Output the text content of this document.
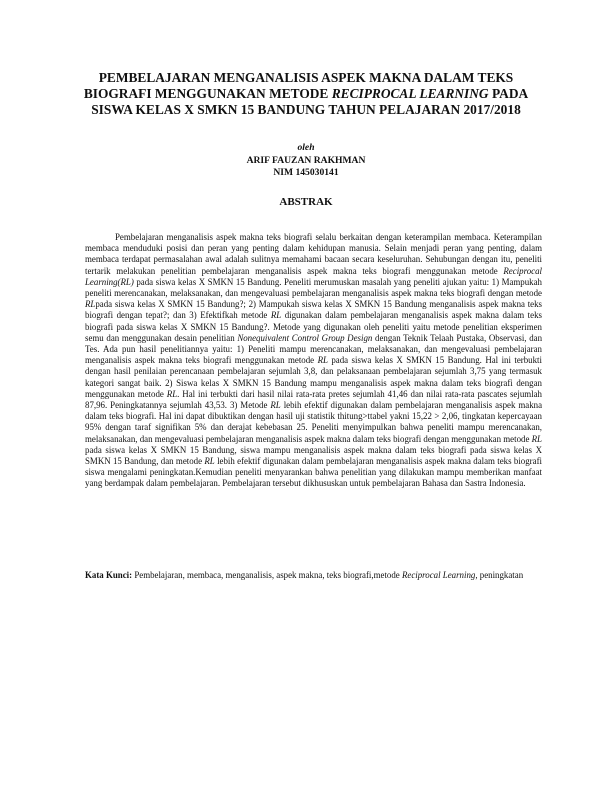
PEMBELAJARAN MENGANALISIS ASPEK MAKNA DALAM TEKS
BIOGRAFI MENGGUNAKAN METODE RECIPROCAL LEARNING PADA
SISWA KELAS X SMKN 15 BANDUNG TAHUN PELAJARAN 2017/2018
oleh
ARIF FAUZAN RAKHMAN
NIM 145030141
ABSTRAK
Pembelajaran menganalisis aspek makna teks biografi selalu berkaitan dengan keterampilan membaca. Keterampilan membaca menduduki posisi dan peran yang penting dalam kehidupan manusia. Selain menjadi peran yang penting, dalam membaca terdapat permasalahan awal adalah sulitnya memahami bacaan secara keseluruhan. Sehubungan dengan itu, peneliti tertarik melakukan penelitian pembelajaran menganalisis aspek makna teks biografi menggunakan metode Reciprocal Learning(RL) pada siswa kelas X SMKN 15 Bandung. Peneliti merumuskan masalah yang peneliti ajukan yaitu: 1) Mampukah peneliti merencanakan, melaksanakan, dan mengevaluasi pembelajaran menganalisis aspek makna teks biografi dengan metode RLpada siswa kelas X SMKN 15 Bandung?; 2) Mampukah siswa kelas X SMKN 15 Bandung menganalisis aspek makna teks biografi dengan tepat?; dan 3) Efektifkah metode RL digunakan dalam pembelajaran menganalisis aspek makna dalam teks biografi pada siswa kelas X SMKN 15 Bandung?. Metode yang digunakan oleh peneliti yaitu metode penelitian eksperimen semu dan menggunakan desain penelitian Nonequivalent Control Group Design dengan Teknik Telaah Pustaka, Observasi, dan Tes. Ada pun hasil penelitiannya yaitu: 1) Peneliti mampu merencanakan, melaksanakan, dan mengevaluasi pembelajaran menganalisis aspek makna teks biografi menggunakan metode RL pada siswa kelas X SMKN 15 Bandung. Hal ini terbukti dengan hasil penilaian perencanaan pembelajaran sejumlah 3,8, dan pelaksanaan pembelajaran sejumlah 3,75 yang termasuk kategori sangat baik. 2) Siswa kelas X SMKN 15 Bandung mampu menganalisis aspek makna dalam teks biografi dengan menggunakan metode RL. Hal ini terbukti dari hasil nilai rata-rata pretes sejumlah 41,46 dan nilai rata-rata pascates sejumlah 87,96. Peningkatannya sejumlah 43,53. 3) Metode RL lebih efektif digunakan dalam pembelajaran menganalisis aspek makna dalam teks biografi. Hal ini dapat dibuktikan dengan hasil uji statistik thitung>ttabel yakni 15,22 > 2,06, tingkatan kepercayaan 95% dengan taraf signifikan 5% dan derajat kebebasan 25. Peneliti menyimpulkan bahwa peneliti mampu merencanakan, melaksanakan, dan mengevaluasi pembelajaran menganalisis aspek makna dalam teks biografi dengan menggunakan metode RL pada siswa kelas X SMKN 15 Bandung, siswa mampu menganalisis aspek makna dalam teks biografi pada siswa kelas X SMKN 15 Bandung, dan metode RL lebih efektif digunakan dalam pembelajaran menganalisis aspek makna dalam teks biografi siswa mengalami peningkatan.Kemudian peneliti menyarankan bahwa penelitian yang dilakukan mampu memberikan manfaat yang berdampak dalam pembelajaran. Pembelajaran tersebut dikhususkan untuk pembelajaran Bahasa dan Sastra Indonesia.
Kata Kunci: Pembelajaran, membaca, menganalisis, aspek makna, teks biografi,metode Reciprocal Learning, peningkatan
